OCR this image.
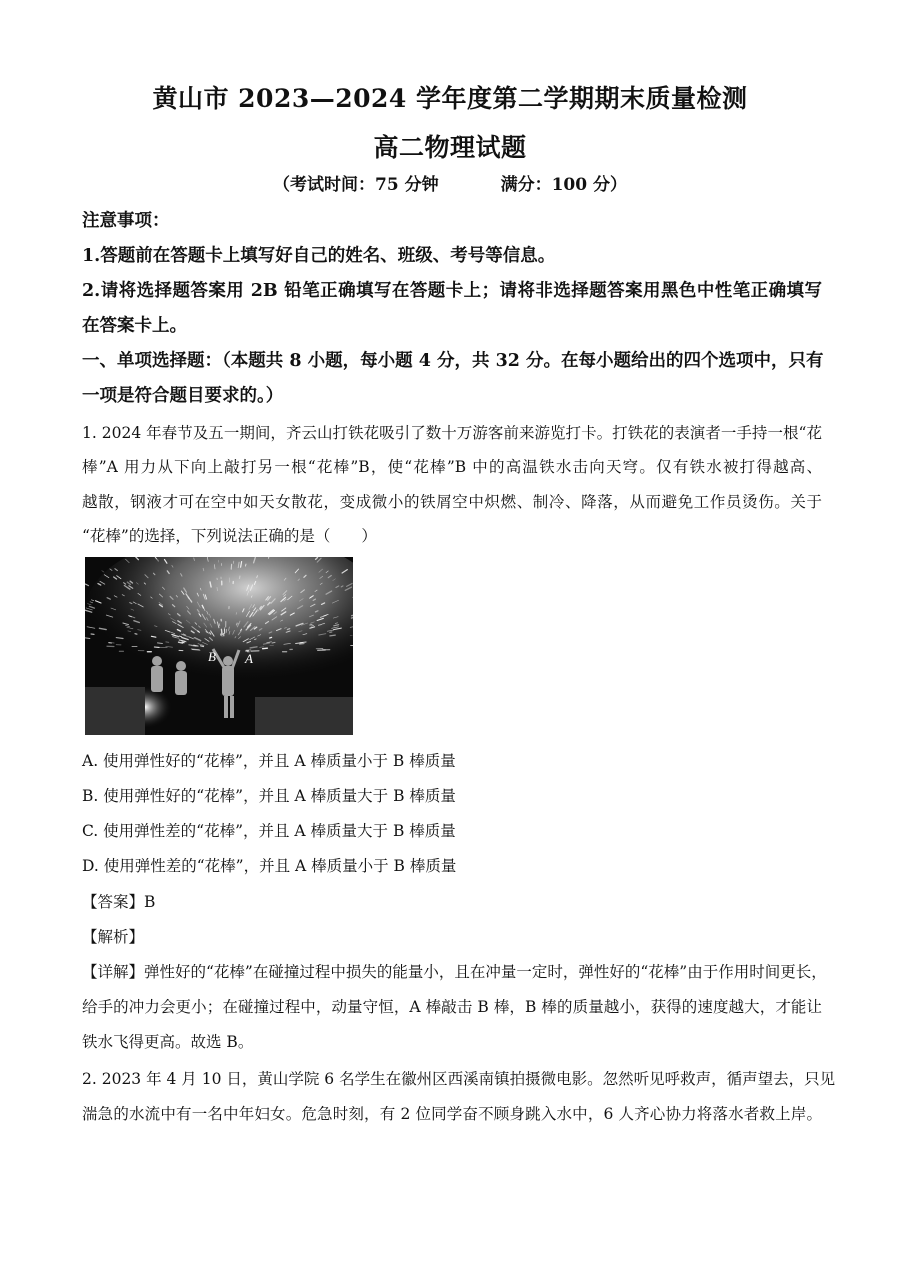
黄山市 2023—2024 学年度第二学期期末质量检测
高二物理试题
（考试时间：75 分钟	满分：100 分）
注意事项：
1.答题前在答题卡上填写好自己的姓名、班级、考号等信息。
2.请将选择题答案用 2B 铅笔正确填写在答题卡上；请将非选择题答案用黑色中性笔正确填写
在答案卡上。
一、单项选择题：（本题共 8 小题，每小题 4 分，共 32 分。在每小题给出的四个选项中，只有
一项是符合题目要求的。）
1. 2024 年春节及五一期间，齐云山打铁花吸引了数十万游客前来游览打卡。打铁花的表演者一手持一根“花
棒”A 用力从下向上敲打另一根“花棒”B，使“花棒”B 中的高温铁水击向天穹。仅有铁水被打得越高、
越散，钢液才可在空中如天女散花，变成微小的铁屑空中炽燃、制冷、降落，从而避免工作员烫伤。关于
“花棒”的选择，下列说法正确的是（　　）
B A
A. 使用弹性好的“花棒”，并且 A 棒质量小于 B 棒质量
B. 使用弹性好的“花棒”，并且 A 棒质量大于 B 棒质量
C. 使用弹性差的“花棒”，并且 A 棒质量大于 B 棒质量
D. 使用弹性差的“花棒”，并且 A 棒质量小于 B 棒质量
【答案】B
【解析】
【详解】弹性好的“花棒”在碰撞过程中损失的能量小，且在冲量一定时，弹性好的“花棒”由于作用时间更长，
给手的冲力会更小；在碰撞过程中，动量守恒，A 棒敲击 B 棒，B 棒的质量越小，获得的速度越大，才能让
铁水飞得更高。故选 B。
2. 2023 年 4 月 10 日，黄山学院 6 名学生在徽州区西溪南镇拍摄微电影。忽然听见呼救声，循声望去，只见
湍急的水流中有一名中年妇女。危急时刻，有 2 位同学奋不顾身跳入水中，6 人齐心协力将落水者救上岸。
